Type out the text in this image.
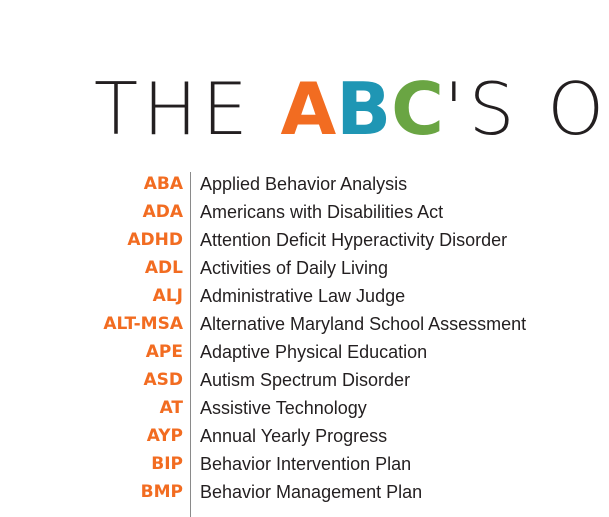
THE ABC'S O
ABA Applied Behavior Analysis
ADA Americans with Disabilities Act
ADHD Attention Deficit Hyperactivity Disorder
ADL Activities of Daily Living
ALJ Administrative Law Judge
ALT-MSA Alternative Maryland School Assessment
APE Adaptive Physical Education
ASD Autism Spectrum Disorder
AT Assistive Technology
AYP Annual Yearly Progress
BIP Behavior Intervention Plan
BMP Behavior Management Plan
